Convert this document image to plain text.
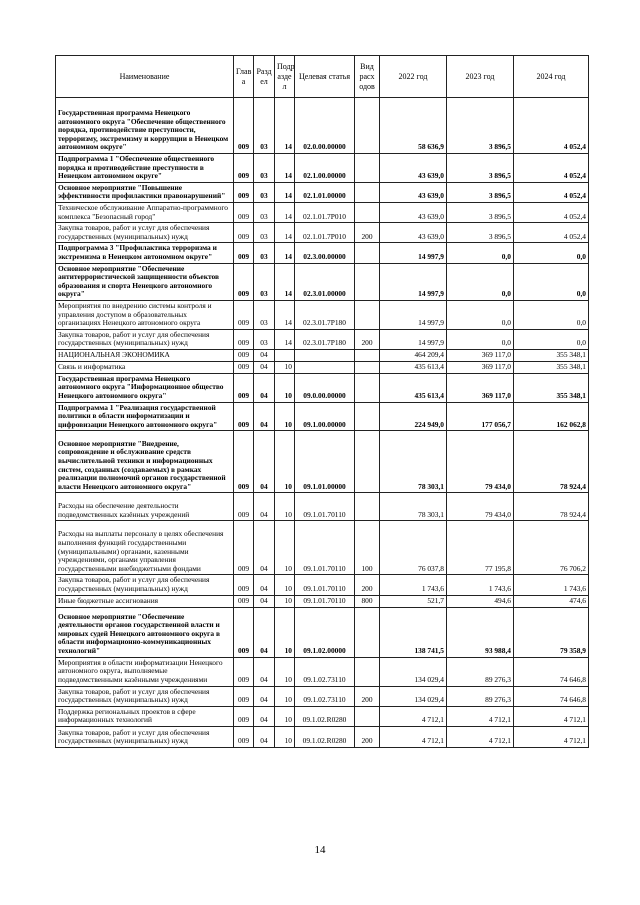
Наименование	Глав а	Разд ел	Подр азде л	Целевая статья	Вид расх одов	2022 год	2023 год	2024 год
Государственная программа Ненецкого автономного округа "Обеспечение общественного порядка, противодействие преступности, терроризму, экстремизму и коррупции в Ненецком автономном округе"	009	03	14	02.0.00.00000		58 636,9	3 896,5	4 052,4
Подпрограмма 1 "Обеспечение общественного порядка и противодействие преступности в Ненецком автономном округе"	009	03	14	02.1.00.00000		43 639,0	3 896,5	4 052,4
Основное мероприятие "Повышение эффективности профилактики правонарушений"	009	03	14	02.1.01.00000		43 639,0	3 896,5	4 052,4
Техническое обслуживание Аппаратно-программного комплекса "Безопасный город"	009	03	14	02.1.01.7Р010		43 639,0	3 896,5	4 052,4
Закупка товаров, работ и услуг для обеспечения государственных (муниципальных) нужд	009	03	14	02.1.01.7Р010	200	43 639,0	3 896,5	4 052,4
Подпрограмма 3 "Профилактика терроризма и экстремизма в Ненецком автономном округе"	009	03	14	02.3.00.00000		14 997,9	0,0	0,0
Основное мероприятие "Обеспечение антитеррористической защищенности объектов образования и спорта Ненецкого автономного округа"	009	03	14	02.3.01.00000		14 997,9	0,0	0,0
Мероприятия по внедрению системы контроля и управления доступом в образовательных организациях Ненецкого автономного округа	009	03	14	02.3.01.7Р180		14 997,9	0,0	0,0
Закупка товаров, работ и услуг для обеспечения государственных (муниципальных) нужд	009	03	14	02.3.01.7Р180	200	14 997,9	0,0	0,0
НАЦИОНАЛЬНАЯ ЭКОНОМИКА	009	04				464 209,4	369 117,0	355 348,1
Связь и информатика	009	04	10			435 613,4	369 117,0	355 348,1
Государственная программа Ненецкого автономного округа "Информационное общество Ненецкого автономного округа"	009	04	10	09.0.00.00000		435 613,4	369 117,0	355 348,1
Подпрограмма 1 "Реализация государственной политики в области информатизации и цифровизации Ненецкого автономного округа"	009	04	10	09.1.00.00000		224 949,0	177 056,7	162 062,8
Основное мероприятие "Внедрение, сопровождение и обслуживание средств вычислительной техники и информационных систем, созданных (создаваемых) в рамках реализации полномочий органов государственной власти Ненецкого автономного округа"	009	04	10	09.1.01.00000		78 303,1	79 434,0	78 924,4
Расходы на обеспечение деятельности подведомственных казённых учреждений	009	04	10	09.1.01.70110		78 303,1	79 434,0	78 924,4
Расходы на выплаты персоналу в целях обеспечения выполнения функций государственными (муниципальными) органами, казенными учреждениями, органами управления государственными внебюджетными фондами	009	04	10	09.1.01.70110	100	76 037,8	77 195,8	76 706,2
Закупка товаров, работ и услуг для обеспечения государственных (муниципальных) нужд	009	04	10	09.1.01.70110	200	1 743,6	1 743,6	1 743,6
Иные бюджетные ассигнования	009	04	10	09.1.01.70110	800	521,7	494,6	474,6
Основное мероприятие "Обеспечение деятельности органов государственной власти и мировых судей Ненецкого автономного округа в области информационно-коммуникационных технологий"	009	04	10	09.1.02.00000		138 741,5	93 988,4	79 358,9
Мероприятия в области информатизации Ненецкого автономного округа, выполняемые подведомственными казёнными учреждениями	009	04	10	09.1.02.73110		134 029,4	89 276,3	74 646,8
Закупка товаров, работ и услуг для обеспечения государственных (муниципальных) нужд	009	04	10	09.1.02.73110	200	134 029,4	89 276,3	74 646,8
Поддержка региональных проектов в сфере информационных технологий	009	04	10	09.1.02.R0280		4 712,1	4 712,1	4 712,1
Закупка товаров, работ и услуг для обеспечения государственных (муниципальных) нужд	009	04	10	09.1.02.R0280	200	4 712,1	4 712,1	4 712,1
14
